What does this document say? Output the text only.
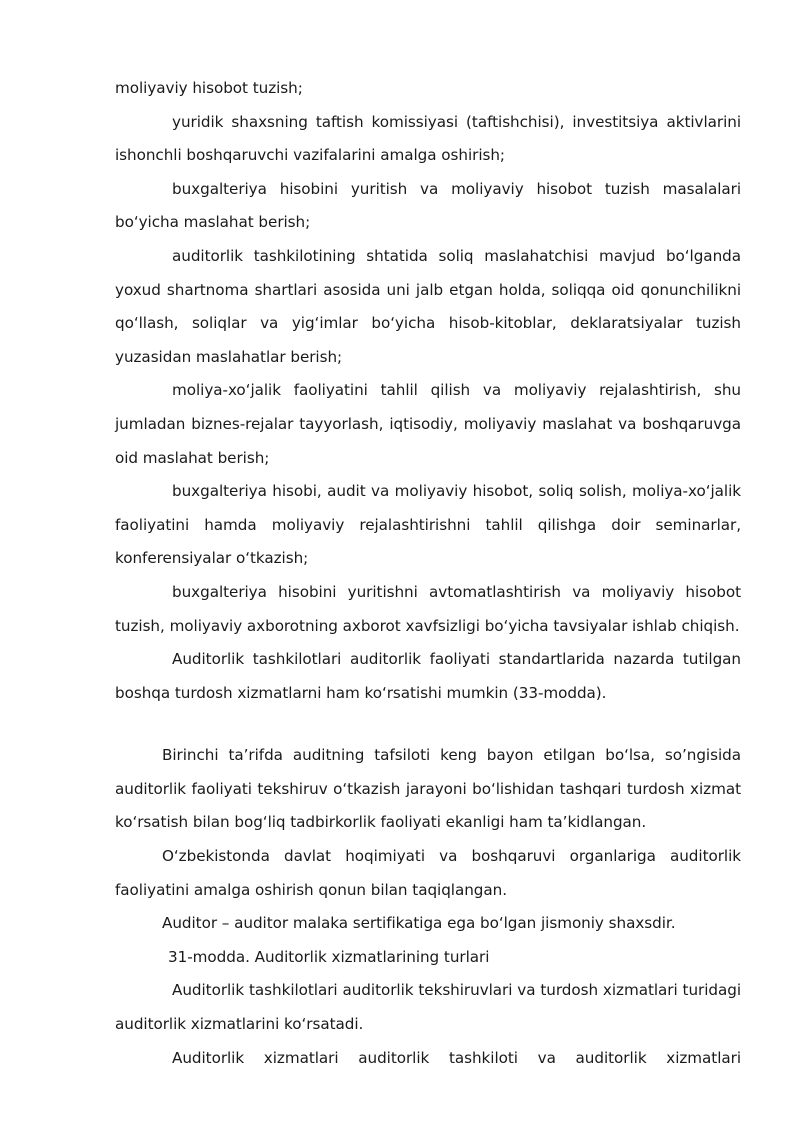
moliyaviy hisobot tuzish;

yuridik shaxsning taftish komissiyasi (taftishchisi), investitsiya aktivlarini ishonchli boshqaruvchi vazifalarini amalga oshirish;

buxgalteriya hisobini yuritish va moliyaviy hisobot tuzish masalalari bo‘yicha maslahat berish;

auditorlik tashkilotining shtatida soliq maslahatchisi mavjud bo‘lganda yoxud shartnoma shartlari asosida uni jalb etgan holda, soliqqa oid qonunchilikni qo‘llash, soliqlar va yig‘imlar bo‘yicha hisob-kitoblar, deklaratsiyalar tuzish yuzasidan maslahatlar berish;

moliya-xo‘jalik faoliyatini tahlil qilish va moliyaviy rejalashtirish, shu jumladan biznes-rejalar tayyorlash, iqtisodiy, moliyaviy maslahat va boshqaruvga oid maslahat berish;

buxgalteriya hisobi, audit va moliyaviy hisobot, soliq solish, moliya-xo‘jalik faoliyatini hamda moliyaviy rejalashtirishni tahlil qilishga doir seminarlar, konferensiyalar o‘tkazish;

buxgalteriya hisobini yuritishni avtomatlashtirish va moliyaviy hisobot tuzish, moliyaviy axborotning axborot xavfsizligi bo‘yicha tavsiyalar ishlab chiqish.

Auditorlik tashkilotlari auditorlik faoliyati standartlarida nazarda tutilgan boshqa turdosh xizmatlarni ham ko‘rsatishi mumkin (33-modda).

Birinchi ta’rifda auditning tafsiloti keng bayon etilgan bo‘lsa, so’ngisida auditorlik faoliyati tekshiruv o‘tkazish jarayoni bo‘lishidan tashqari turdosh xizmat ko‘rsatish bilan bog‘liq tadbirkorlik faoliyati ekanligi ham ta’kidlangan.

O‘zbekistonda davlat hoqimiyati va boshqaruvi organlariga auditorlik faoliyatini amalga oshirish qonun bilan taqiqlangan.

Auditor – auditor malaka sertifikatiga ega bo‘lgan jismoniy shaxsdir.

31-modda. Auditorlik xizmatlarining turlari

Auditorlik tashkilotlari auditorlik tekshiruvlari va turdosh xizmatlari turidagi auditorlik xizmatlarini ko‘rsatadi.

Auditorlik xizmatlari auditorlik tashkiloti va auditorlik xizmatlari
